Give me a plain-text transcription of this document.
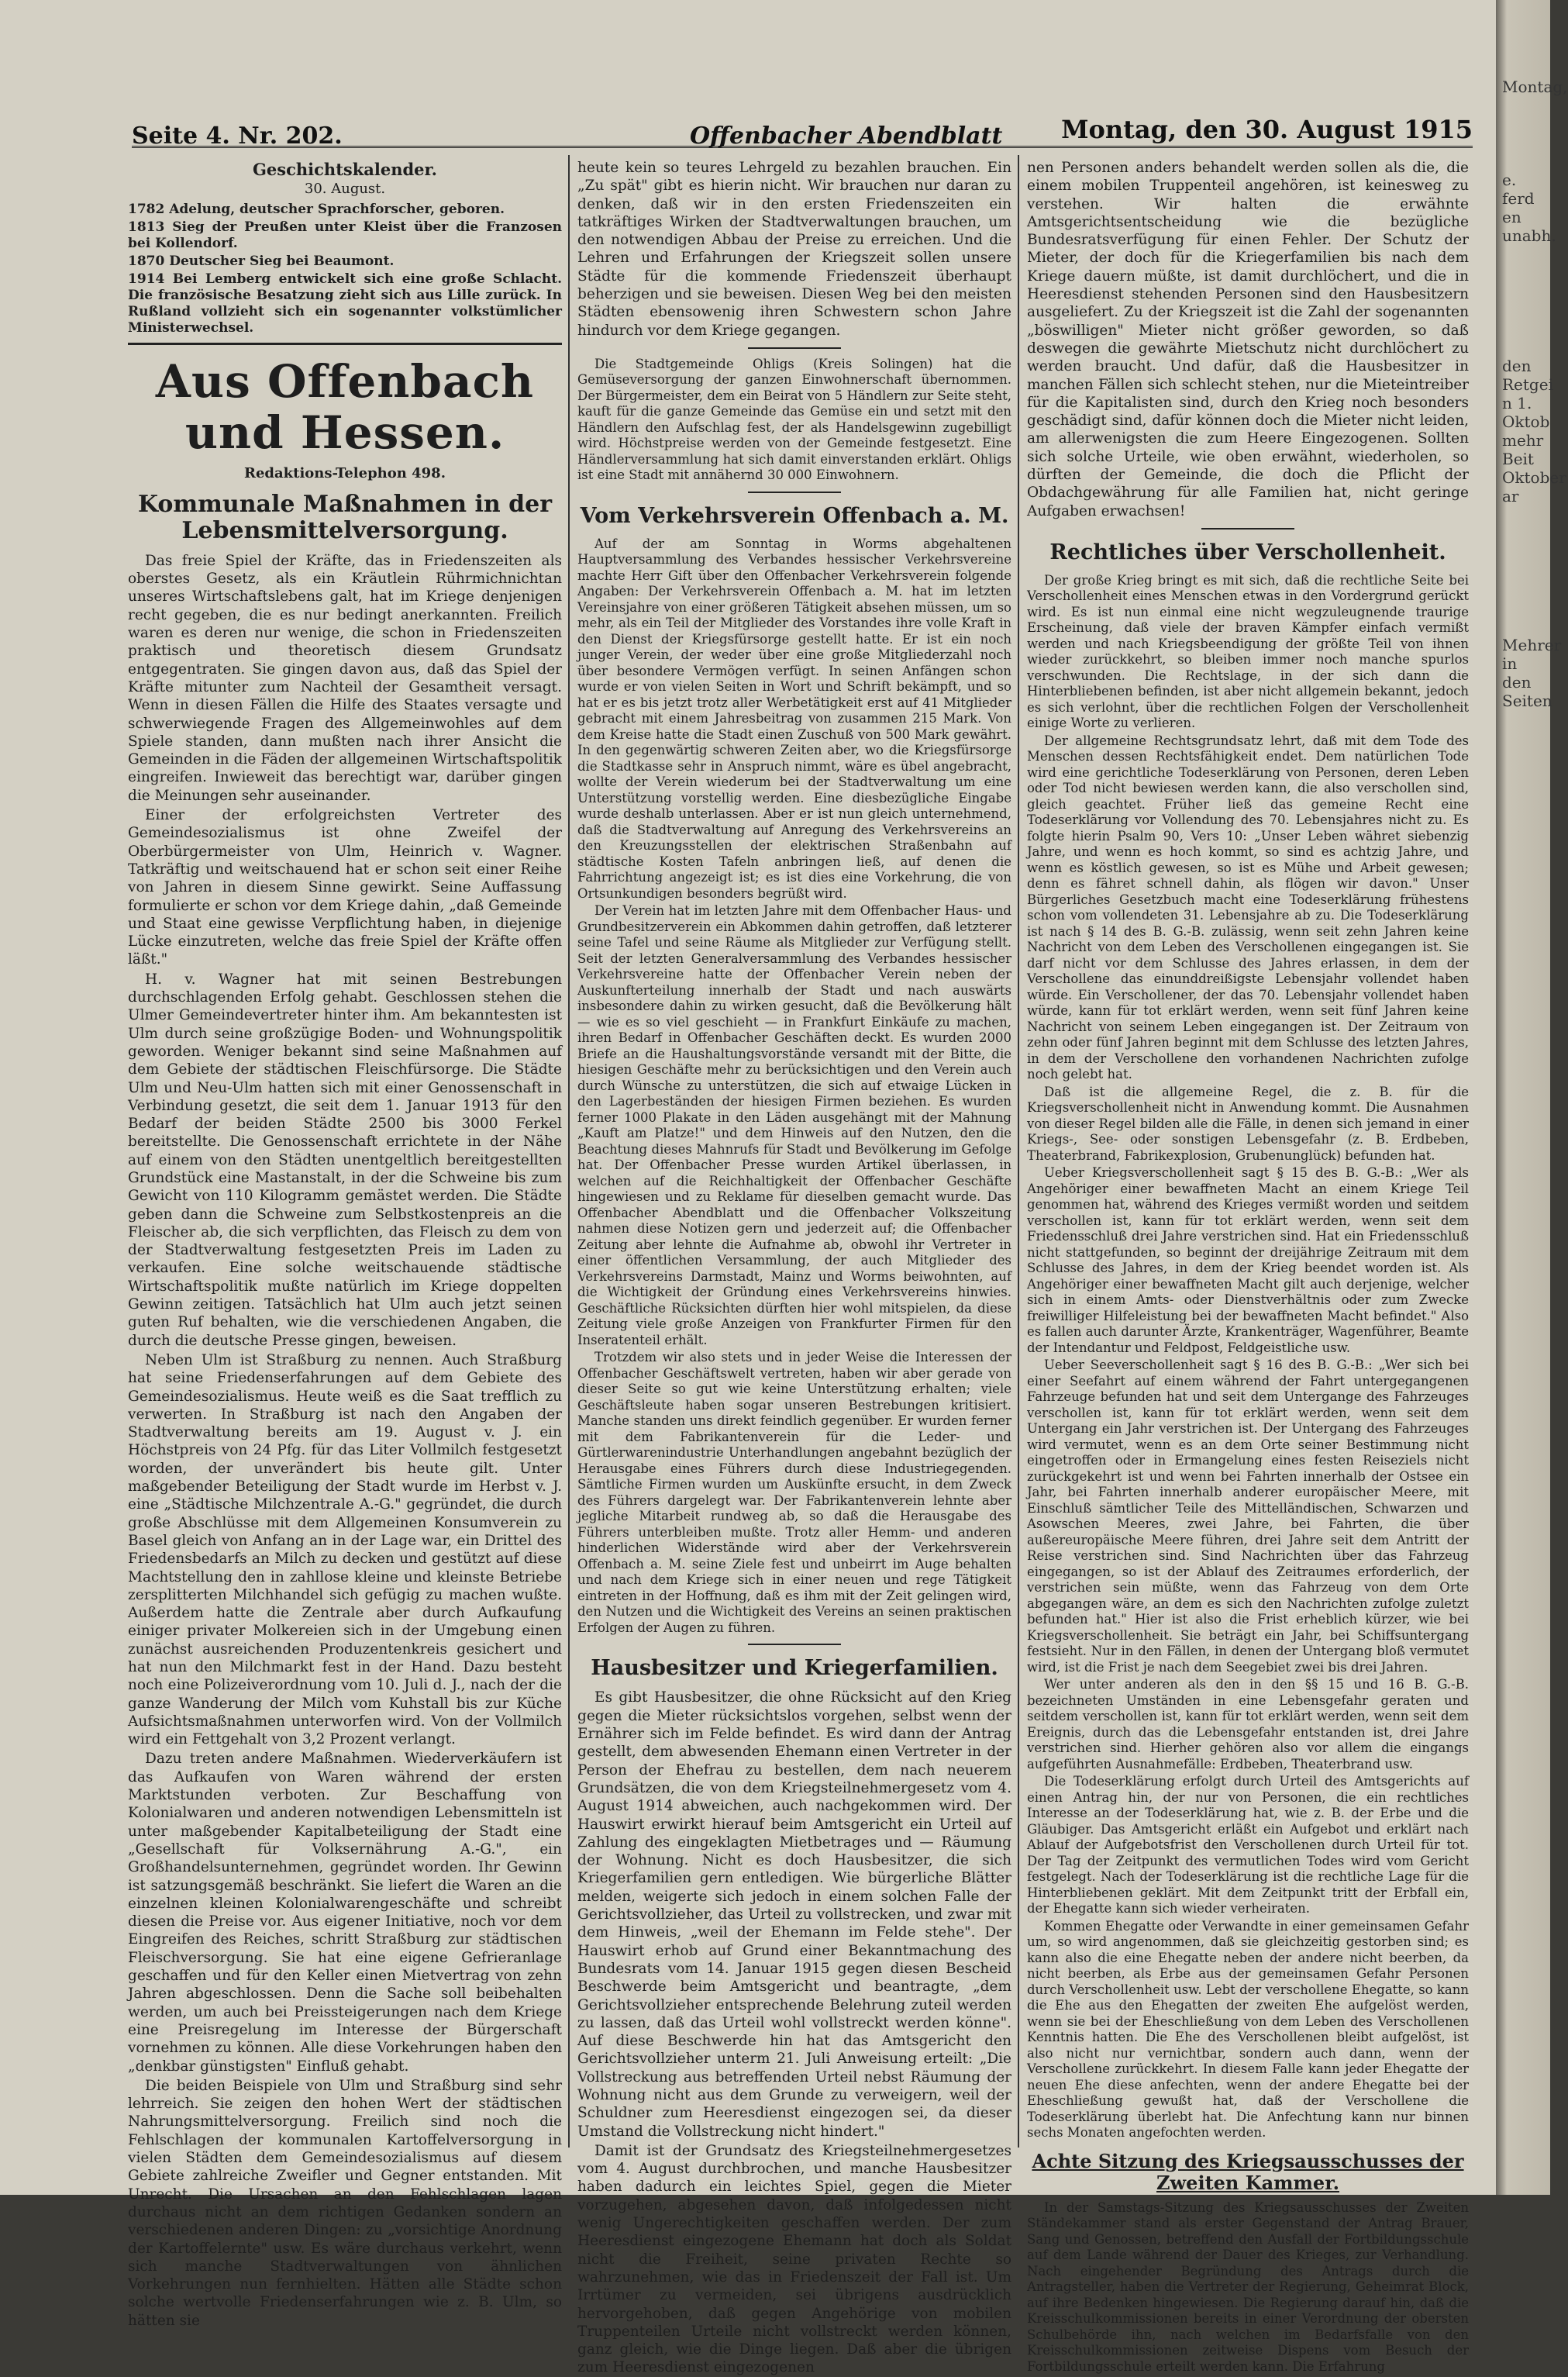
Seite 4. Nr. 202.	Offenbacher Abendblatt Montag, den 30. August 1915
Geschichtskalender.
30. August.

1782 Adelung, deutscher Sprachforscher, geboren.

1813 Sieg der Preußen unter Kleist über die Franzosen bei Kollendorf.

1870 Deutscher Sieg bei Beaumont.

1914 Bei Lemberg entwickelt sich eine große Schlacht. Die französische Besatzung zieht sich aus Lille zurück. In Rußland vollzieht sich ein sogenannter volkstümlicher Ministerwechsel.

Aus Offenbach und Hessen.
Redaktions-Telephon 498.
Kommunale Maßnahmen in der Lebensmittelversorgung.

Das freie Spiel der Kräfte, das in Friedenszeiten als oberstes Gesetz, als ein Kräutlein Rührmichnichtan unseres Wirtschaftslebens galt, hat im Kriege denjenigen recht gegeben, die es nur bedingt anerkannten. Freilich waren es deren nur wenige, die schon in Friedenszeiten praktisch und theoretisch diesem Grundsatz entgegentraten. Sie gingen davon aus, daß das Spiel der Kräfte mitunter zum Nachteil der Gesamtheit versagt. Wenn in diesen Fällen die Hilfe des Staates versagte und schwerwiegende Fragen des Allgemeinwohles auf dem Spiele standen, dann mußten nach ihrer Ansicht die Gemeinden in die Fäden der allgemeinen Wirtschaftspolitik eingreifen. Inwieweit das berechtigt war, darüber gingen die Meinungen sehr auseinander.

Einer der erfolgreichsten Vertreter des Gemeindesozialismus ist ohne Zweifel der Oberbürgermeister von Ulm, Heinrich v. Wagner. Tatkräftig und weitschauend hat er schon seit einer Reihe von Jahren in diesem Sinne gewirkt. Seine Auffassung formulierte er schon vor dem Kriege dahin, „daß Gemeinde und Staat eine gewisse Verpflichtung haben, in diejenige Lücke einzutreten, welche das freie Spiel der Kräfte offen läßt."

H. v. Wagner hat mit seinen Bestrebungen durchschlagenden Erfolg gehabt. Geschlossen stehen die Ulmer Gemeindevertreter hinter ihm. Am bekanntesten ist Ulm durch seine großzügige Boden- und Wohnungspolitik geworden. Weniger bekannt sind seine Maßnahmen auf dem Gebiete der städtischen Fleischfürsorge. Die Städte Ulm und Neu-Ulm hatten sich mit einer Genossenschaft in Verbindung gesetzt, die seit dem 1. Januar 1913 für den Bedarf der beiden Städte 2500 bis 3000 Ferkel bereitstellte. Die Genossenschaft errichtete in der Nähe auf einem von den Städten unentgeltlich bereitgestellten Grundstück eine Mastanstalt, in der die Schweine bis zum Gewicht von 110 Kilogramm gemästet werden. Die Städte geben dann die Schweine zum Selbstkostenpreis an die Fleischer ab, die sich verpflichten, das Fleisch zu dem von der Stadtverwaltung festgesetzten Preis im Laden zu verkaufen. Eine solche weitschauende städtische Wirtschaftspolitik mußte natürlich im Kriege doppelten Gewinn zeitigen. Tatsächlich hat Ulm auch jetzt seinen guten Ruf behalten, wie die verschiedenen Angaben, die durch die deutsche Presse gingen, beweisen.

Neben Ulm ist Straßburg zu nennen. Auch Straßburg hat seine Friedenserfahrungen auf dem Gebiete des Gemeindesozialismus. Heute weiß es die Saat trefflich zu verwerten. In Straßburg ist nach den Angaben der Stadtverwaltung bereits am 19. August v. J. ein Höchstpreis von 24 Pfg. für das Liter Vollmilch festgesetzt worden, der unverändert bis heute gilt. Unter maßgebender Beteiligung der Stadt wurde im Herbst v. J. eine „Städtische Milchzentrale A.-G." gegründet, die durch große Abschlüsse mit dem Allgemeinen Konsumverein zu Basel gleich von Anfang an in der Lage war, ein Drittel des Friedensbedarfs an Milch zu decken und gestützt auf diese Machtstellung den in zahllose kleine und kleinste Betriebe zersplitterten Milchhandel sich gefügig zu machen wußte. Außerdem hatte die Zentrale aber durch Aufkaufung einiger privater Molkereien sich in der Umgebung einen zunächst ausreichenden Produzentenkreis gesichert und hat nun den Milchmarkt fest in der Hand. Dazu besteht noch eine Polizeiverordnung vom 10. Juli d. J., nach der die ganze Wanderung der Milch vom Kuhstall bis zur Küche Aufsichtsmaßnahmen unterworfen wird. Von der Vollmilch wird ein Fettgehalt von 3,2 Prozent verlangt.

Dazu treten andere Maßnahmen. Wiederverkäufern ist das Aufkaufen von Waren während der ersten Marktstunden verboten. Zur Beschaffung von Kolonialwaren und anderen notwendigen Lebensmitteln ist unter maßgebender Kapitalbeteiligung der Stadt eine „Gesellschaft für Volksernährung A.-G.", ein Großhandelsunternehmen, gegründet worden. Ihr Gewinn ist satzungsgemäß beschränkt. Sie liefert die Waren an die einzelnen kleinen Kolonialwarengeschäfte und schreibt diesen die Preise vor. Aus eigener Initiative, noch vor dem Eingreifen des Reiches, schritt Straßburg zur städtischen Fleischversorgung. Sie hat eine eigene Gefrieranlage geschaffen und für den Keller einen Mietvertrag von zehn Jahren abgeschlossen. Denn die Sache soll beibehalten werden, um auch bei Preissteigerungen nach dem Kriege eine Preisregelung im Interesse der Bürgerschaft vornehmen zu können. Alle diese Vorkehrungen haben den „denkbar günstigsten" Einfluß gehabt.

Die beiden Beispiele von Ulm und Straßburg sind sehr lehrreich. Sie zeigen den hohen Wert der städtischen Nahrungsmittelversorgung. Freilich sind noch die Fehlschlagen der kommunalen Kartoffelversorgung in vielen Städten dem Gemeindesozialismus auf diesem Gebiete zahlreiche Zweifler und Gegner entstanden. Mit Unrecht. Die Ursachen an den Fehlschlagen lagen durchaus nicht an dem richtigen Gedanken sondern an verschiedenen anderen Dingen: zu „vorsichtige Anordnung der Kartoffelernte" usw. Es wäre durchaus verkehrt, wenn sich manche Stadtverwaltungen von ähnlichen Vorkehrungen nun fernhielten. Hätten alle Städte schon solche wertvolle Friedenserfahrungen wie z. B. Ulm, so hätten sie

heute kein so teures Lehrgeld zu bezahlen brauchen. Ein „Zu spät" gibt es hierin nicht. Wir brauchen nur daran zu denken, daß wir in den ersten Friedenszeiten ein tatkräftiges Wirken der Stadtverwaltungen brauchen, um den notwendigen Abbau der Preise zu erreichen. Und die Lehren und Erfahrungen der Kriegszeit sollen unsere Städte für die kommende Friedenszeit überhaupt beherzigen und sie beweisen. Diesen Weg bei den meisten Städten ebensowenig ihren Schwestern schon Jahre hindurch vor dem Kriege gegangen.

Die Stadtgemeinde Ohligs (Kreis Solingen) hat die Gemüseversorgung der ganzen Einwohnerschaft übernommen. Der Bürgermeister, dem ein Beirat von 5 Händlern zur Seite steht, kauft für die ganze Gemeinde das Gemüse ein und setzt mit den Händlern den Aufschlag fest, der als Handelsgewinn zugebilligt wird. Höchstpreise werden von der Gemeinde festgesetzt. Eine Händlerversammlung hat sich damit einverstanden erklärt. Ohligs ist eine Stadt mit annähernd 30 000 Einwohnern.

Vom Verkehrsverein Offenbach a. M.

Auf der am Sonntag in Worms abgehaltenen Hauptversammlung des Verbandes hessischer Verkehrsvereine machte Herr Gift über den Offenbacher Verkehrsverein folgende Angaben: Der Verkehrsverein Offenbach a. M. hat im letzten Vereinsjahre von einer größeren Tätigkeit absehen müssen, um so mehr, als ein Teil der Mitglieder des Vorstandes ihre volle Kraft in den Dienst der Kriegsfürsorge gestellt hatte. Er ist ein noch junger Verein, der weder über eine große Mitgliederzahl noch über besondere Vermögen verfügt. In seinen Anfängen schon wurde er von vielen Seiten in Wort und Schrift bekämpft, und so hat er es bis jetzt trotz aller Werbetätigkeit erst auf 41 Mitglieder gebracht mit einem Jahresbeitrag von zusammen 215 Mark. Von dem Kreise hatte die Stadt einen Zuschuß von 500 Mark gewährt. In den gegenwärtig schweren Zeiten aber, wo die Kriegsfürsorge die Stadtkasse sehr in Anspruch nimmt, wäre es übel angebracht, wollte der Verein wiederum bei der Stadtverwaltung um eine Unterstützung vorstellig werden. Eine diesbezügliche Eingabe wurde deshalb unterlassen. Aber er ist nun gleich unternehmend, daß die Stadtverwaltung auf Anregung des Verkehrsvereins an den Kreuzungsstellen der elektrischen Straßenbahn auf städtische Kosten Tafeln anbringen ließ, auf denen die Fahrrichtung angezeigt ist; es ist dies eine Vorkehrung, die von Ortsunkundigen besonders begrüßt wird.

Der Verein hat im letzten Jahre mit dem Offenbacher Haus- und Grundbesitzerverein ein Abkommen dahin getroffen, daß letzterer seine Tafel und seine Räume als Mitglieder zur Verfügung stellt. Seit der letzten Generalversammlung des Verbandes hessischer Verkehrsvereine hatte der Offenbacher Verein neben der Auskunfterteilung innerhalb der Stadt und nach auswärts insbesondere dahin zu wirken gesucht, daß die Bevölkerung hält — wie es so viel geschieht — in Frankfurt Einkäufe zu machen, ihren Bedarf in Offenbacher Geschäften deckt. Es wurden 2000 Briefe an die Haushaltungsvorstände versandt mit der Bitte, die hiesigen Geschäfte mehr zu berücksichtigen und den Verein auch durch Wünsche zu unterstützen, die sich auf etwaige Lücken in den Lagerbeständen der hiesigen Firmen beziehen. Es wurden ferner 1000 Plakate in den Läden ausgehängt mit der Mahnung „Kauft am Platze!" und dem Hinweis auf den Nutzen, den die Beachtung dieses Mahnrufs für Stadt und Bevölkerung im Gefolge hat. Der Offenbacher Presse wurden Artikel überlassen, in welchen auf die Reichhaltigkeit der Offenbacher Geschäfte hingewiesen und zu Reklame für dieselben gemacht wurde. Das Offenbacher Abendblatt und die Offenbacher Volkszeitung nahmen diese Notizen gern und jederzeit auf; die Offenbacher Zeitung aber lehnte die Aufnahme ab, obwohl ihr Vertreter in einer öffentlichen Versammlung, der auch Mitglieder des Verkehrsvereins Darmstadt, Mainz und Worms beiwohnten, auf die Wichtigkeit der Gründung eines Verkehrsvereins hinwies. Geschäftliche Rücksichten dürften hier wohl mitspielen, da diese Zeitung viele große Anzeigen von Frankfurter Firmen für den Inseratenteil erhält.

Trotzdem wir also stets und in jeder Weise die Interessen der Offenbacher Geschäftswelt vertreten, haben wir aber gerade von dieser Seite so gut wie keine Unterstützung erhalten; viele Geschäftsleute haben sogar unseren Bestrebungen kritisiert. Manche standen uns direkt feindlich gegenüber. Er wurden ferner mit dem Fabrikantenverein für die Leder- und Gürtlerwarenindustrie Unterhandlungen angebahnt bezüglich der Herausgabe eines Führers durch diese Industriegegenden. Sämtliche Firmen wurden um Auskünfte ersucht, in dem Zweck des Führers dargelegt war. Der Fabrikantenverein lehnte aber jegliche Mitarbeit rundweg ab, so daß die Herausgabe des Führers unterbleiben mußte. Trotz aller Hemm- und anderen hinderlichen Widerstände wird aber der Verkehrsverein Offenbach a. M. seine Ziele fest und unbeirrt im Auge behalten und nach dem Kriege sich in einer neuen und rege Tätigkeit eintreten in der Hoffnung, daß es ihm mit der Zeit gelingen wird, den Nutzen und die Wichtigkeit des Vereins an seinen praktischen Erfolgen der Augen zu führen.

Hausbesitzer und Kriegerfamilien.

Es gibt Hausbesitzer, die ohne Rücksicht auf den Krieg gegen die Mieter rücksichtslos vorgehen, selbst wenn der Ernährer sich im Felde befindet. Es wird dann der Antrag gestellt, dem abwesenden Ehemann einen Vertreter in der Person der Ehefrau zu bestellen, dem nach neuerem Grundsätzen, die von dem Kriegsteilnehmergesetz vom 4. August 1914 abweichen, auch nachgekommen wird. Der Hauswirt erwirkt hierauf beim Amtsgericht ein Urteil auf Zahlung des eingeklagten Mietbetrages und — Räumung der Wohnung. Nicht es doch Hausbesitzer, die sich Kriegerfamilien gern entledigen. Wie bürgerliche Blätter melden, weigerte sich jedoch in einem solchen Falle der Gerichtsvollzieher, das Urteil zu vollstrecken, und zwar mit dem Hinweis, „weil der Ehemann im Felde stehe". Der Hauswirt erhob auf Grund einer Bekanntmachung des Bundesrats vom 14. Januar 1915 gegen diesen Bescheid Beschwerde beim Amtsgericht und beantragte, „dem Gerichtsvollzieher entsprechende Belehrung zuteil werden zu lassen, daß das Urteil wohl vollstreckt werden könne". Auf diese Beschwerde hin hat das Amtsgericht den Gerichtsvollzieher unterm 21. Juli Anweisung erteilt: „Die Vollstreckung aus betreffenden Urteil nebst Räumung der Wohnung nicht aus dem Grunde zu verweigern, weil der Schuldner zum Heeresdienst eingezogen sei, da dieser Umstand die Vollstreckung nicht hindert."

Damit ist der Grundsatz des Kriegsteilnehmergesetzes vom 4. August durchbrochen, und manche Hausbesitzer haben dadurch ein leichtes Spiel, gegen die Mieter vorzugehen, abgesehen davon, daß infolgedessen nicht wenig Ungerechtigkeiten geschaffen werden. Der zum Heeresdienst eingezogene Ehemann hat doch als Soldat nicht die Freiheit, seine privaten Rechte so wahrzunehmen, wie das in Friedenszeit der Fall ist. Um Irrtümer zu vermeiden, sei übrigens ausdrücklich hervorgehoben, daß gegen Angehörige von mobilen Truppenteilen Urteile nicht vollstreckt werden können, ganz gleich, wie die Dinge liegen. Daß aber die übrigen zum Heeresdienst eingezogenen

nen Personen anders behandelt werden sollen als die, die einem mobilen Truppenteil angehören, ist keinesweg zu verstehen. Wir halten die erwähnte Amtsgerichtsentscheidung wie die bezügliche Bundesratsverfügung für einen Fehler. Der Schutz der Mieter, der doch für die Kriegerfamilien bis nach dem Kriege dauern müßte, ist damit durchlöchert, und die in Heeresdienst stehenden Personen sind den Hausbesitzern ausgeliefert. Zu der Kriegszeit ist die Zahl der sogenannten „böswilligen" Mieter nicht größer geworden, so daß deswegen die gewährte Mietschutz nicht durchlöchert zu werden braucht. Und dafür, daß die Hausbesitzer in manchen Fällen sich schlecht stehen, nur die Mieteintreiber für die Kapitalisten sind, durch den Krieg noch besonders geschädigt sind, dafür können doch die Mieter nicht leiden, am allerwenigsten die zum Heere Eingezogenen. Sollten sich solche Urteile, wie oben erwähnt, wiederholen, so dürften der Gemeinde, die doch die Pflicht der Obdachgewährung für alle Familien hat, nicht geringe Aufgaben erwachsen!

Rechtliches über Verschollenheit.

Der große Krieg bringt es mit sich, daß die rechtliche Seite bei Verschollenheit eines Menschen etwas in den Vordergrund gerückt wird. Es ist nun einmal eine nicht wegzuleugnende traurige Erscheinung, daß viele der braven Kämpfer einfach vermißt werden und nach Kriegsbeendigung der größte Teil von ihnen wieder zurückkehrt, so bleiben immer noch manche spurlos verschwunden. Die Rechtslage, in der sich dann die Hinterbliebenen befinden, ist aber nicht allgemein bekannt, jedoch es sich verlohnt, über die rechtlichen Folgen der Verschollenheit einige Worte zu verlieren.

Der allgemeine Rechtsgrundsatz lehrt, daß mit dem Tode des Menschen dessen Rechtsfähigkeit endet. Dem natürlichen Tode wird eine gerichtliche Todeserklärung von Personen, deren Leben oder Tod nicht bewiesen werden kann, die also verschollen sind, gleich geachtet. Früher ließ das gemeine Recht eine Todeserklärung vor Vollendung des 70. Lebensjahres nicht zu. Es folgte hierin Psalm 90, Vers 10: „Unser Leben währet siebenzig Jahre, und wenn es hoch kommt, so sind es achtzig Jahre, und wenn es köstlich gewesen, so ist es Mühe und Arbeit gewesen; denn es fähret schnell dahin, als flögen wir davon." Unser Bürgerliches Gesetzbuch macht eine Todeserklärung frühestens schon vom vollendeten 31. Lebensjahre ab zu. Die Todeserklärung ist nach § 14 des B. G.-B. zulässig, wenn seit zehn Jahren keine Nachricht von dem Leben des Verschollenen eingegangen ist. Sie darf nicht vor dem Schlusse des Jahres erlassen, in dem der Verschollene das einunddreißigste Lebensjahr vollendet haben würde. Ein Verschollener, der das 70. Lebensjahr vollendet haben würde, kann für tot erklärt werden, wenn seit fünf Jahren keine Nachricht von seinem Leben eingegangen ist. Der Zeitraum von zehn oder fünf Jahren beginnt mit dem Schlusse des letzten Jahres, in dem der Verschollene den vorhandenen Nachrichten zufolge noch gelebt hat.

Daß ist die allgemeine Regel, die z. B. für die Kriegsverschollenheit nicht in Anwendung kommt. Die Ausnahmen von dieser Regel bilden alle die Fälle, in denen sich jemand in einer Kriegs-, See- oder sonstigen Lebensgefahr (z. B. Erdbeben, Theaterbrand, Fabrikexplosion, Grubenunglück) befunden hat.

Ueber Kriegsverschollenheit sagt § 15 des B. G.-B.: „Wer als Angehöriger einer bewaffneten Macht an einem Kriege Teil genommen hat, während des Krieges vermißt worden und seitdem verschollen ist, kann für tot erklärt werden, wenn seit dem Friedensschluß drei Jahre verstrichen sind. Hat ein Friedensschluß nicht stattgefunden, so beginnt der dreijährige Zeitraum mit dem Schlusse des Jahres, in dem der Krieg beendet worden ist. Als Angehöriger einer bewaffneten Macht gilt auch derjenige, welcher sich in einem Amts- oder Dienstverhältnis oder zum Zwecke freiwilliger Hilfeleistung bei der bewaffneten Macht befindet." Also es fallen auch darunter Ärzte, Krankenträger, Wagenführer, Beamte der Intendantur und Feldpost, Feldgeistliche usw.

Ueber Seeverschollenheit sagt § 16 des B. G.-B.: „Wer sich bei einer Seefahrt auf einem während der Fahrt untergegangenen Fahrzeuge befunden hat und seit dem Untergange des Fahrzeuges verschollen ist, kann für tot erklärt werden, wenn seit dem Untergang ein Jahr verstrichen ist. Der Untergang des Fahrzeuges wird vermutet, wenn es an dem Orte seiner Bestimmung nicht eingetroffen oder in Ermangelung eines festen Reiseziels nicht zurückgekehrt ist und wenn bei Fahrten innerhalb der Ostsee ein Jahr, bei Fahrten innerhalb anderer europäischer Meere, mit Einschluß sämtlicher Teile des Mittelländischen, Schwarzen und Asowschen Meeres, zwei Jahre, bei Fahrten, die über außereuropäische Meere führen, drei Jahre seit dem Antritt der Reise verstrichen sind. Sind Nachrichten über das Fahrzeug eingegangen, so ist der Ablauf des Zeitraumes erforderlich, der verstrichen sein müßte, wenn das Fahrzeug von dem Orte abgegangen wäre, an dem es sich den Nachrichten zufolge zuletzt befunden hat." Hier ist also die Frist erheblich kürzer, wie bei Kriegsverschollenheit. Sie beträgt ein Jahr, bei Schiffsuntergang festsieht. Nur in den Fällen, in denen der Untergang bloß vermutet wird, ist die Frist je nach dem Seegebiet zwei bis drei Jahren.

Wer unter anderen als den in den §§ 15 und 16 B. G.-B. bezeichneten Umständen in eine Lebensgefahr geraten und seitdem verschollen ist, kann für tot erklärt werden, wenn seit dem Ereignis, durch das die Lebensgefahr entstanden ist, drei Jahre verstrichen sind. Hierher gehören also vor allem die eingangs aufgeführten Ausnahmefälle: Erdbeben, Theaterbrand usw.

Die Todeserklärung erfolgt durch Urteil des Amtsgerichts auf einen Antrag hin, der nur von Personen, die ein rechtliches Interesse an der Todeserklärung hat, wie z. B. der Erbe und die Gläubiger. Das Amtsgericht erläßt ein Aufgebot und erklärt nach Ablauf der Aufgebotsfrist den Verschollenen durch Urteil für tot. Der Tag der Zeitpunkt des vermutlichen Todes wird vom Gericht festgelegt. Nach der Todeserklärung ist die rechtliche Lage für die Hinterbliebenen geklärt. Mit dem Zeitpunkt tritt der Erbfall ein, der Ehegatte kann sich wieder verheiraten.

Kommen Ehegatte oder Verwandte in einer gemeinsamen Gefahr um, so wird angenommen, daß sie gleichzeitig gestorben sind; es kann also die eine Ehegatte neben der andere nicht beerben, da nicht beerben, als Erbe aus der gemeinsamen Gefahr Personen durch Verschollenheit usw. Lebt der verschollene Ehegatte, so kann die Ehe aus den Ehegatten der zweiten Ehe aufgelöst werden, wenn sie bei der Eheschließung von dem Leben des Verschollenen Kenntnis hatten. Die Ehe des Verschollenen bleibt aufgelöst, ist also nicht nur vernichtbar, sondern auch dann, wenn der Verschollene zurückkehrt. In diesem Falle kann jeder Ehegatte der neuen Ehe diese anfechten, wenn der andere Ehegatte bei der Eheschließung gewußt hat, daß der Verschollene die Todeserklärung überlebt hat. Die Anfechtung kann nur binnen sechs Monaten angefochten werden.

Achte Sitzung des Kriegsausschusses der Zweiten Kammer.

In der Samstags-Sitzung des Kriegsausschusses der Zweiten Ständekammer stand als erster Gegenstand der Antrag Brauer, Sang und Genossen, betreffend den Ausfall der Fortbildungsschule auf dem Lande während der Dauer des Krieges, zur Verhandlung. Nach eingehender Begründung des Antrags durch die Antragsteller, haben die Vertreter der Regierung, Geheimrat Block, auf ihre Bedenken hingewiesen. Die Regierung darauf hin, daß die Kreisschulkommissionen bereits in einer Verordnung der obersten Schulbehörde ihn, nach welchen im Bedarfsfalle von den Kreisschulkommissionen zeitweise Dispens vom Besuch der Fortbildungsschule erteilt werden kann. Die Erfahrung

Montag,

e. ferd
en
unabh.

den Retgei
n 1. Oktob
mehr Beit
Oktober ar

Mehrer
in den
Seiten
